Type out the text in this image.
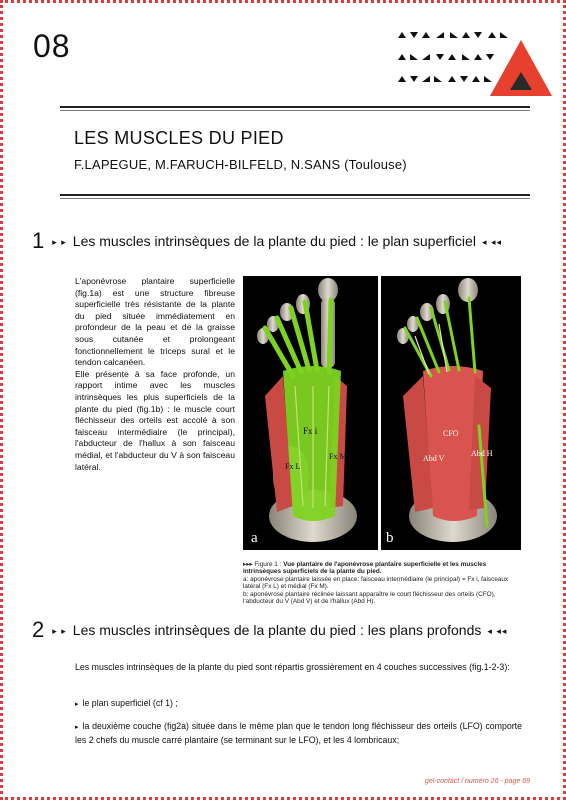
08
LES MUSCLES DU PIED
F.LAPEGUE, M.FARUCH-BILFELD, N.SANS (Toulouse)
1 ▸ ▸ Les muscles intrinsèques de la plante du pied : le plan superficiel ◂ ◂◂

L'aponévrose plantaire superficielle (fig.1a) est une structure fibreuse superficielle très résistante de la plante du pied située immédiatement en profondeur de la peau et de la graisse sous cutanée et prolongeant fonctionnellement le triceps sural et le tendon calcanéen.

Elle présente à sa face profonde, un rapport intime avec les muscles intrinsèques les plus superficiels de la plante du pied (fig.1b) : le muscle court fléchisseur des orteils est accolé à son faisceau intermédiaire (le principal), l'abducteur de l'hallux à son faisceau médial, et l'abducteur du V à son faisceau latéral.

Fx i
Fx L
Fx M
a
CFO
Abd V
Abd H
b
▸▸▸ Figure 1 : Vue plantaire de l'aponévrose plantaire superficielle et les muscles intrinsèques superficiels de la plante du pied.
a: aponévrose plantaire laissée en place: faisceau intermédiaire (le principal) = Fx i, faisceaux latéral (Fx L) et médial (Fx M).
b: aponévrose plantaire réclinée laissant apparaître le court fléchisseur des orteils (CFO), l'abducteur du V (Abd V) et de l'hallux (Abd H).
2 ▸ ▸ Les muscles intrinsèques de la plante du pied : les plans profonds ◂ ◂◂
Les muscles intrinsèques de la plante du pied sont répartis grossièrement en 4 couches successives (fig.1-2-3):
▸ le plan superficiel (cf 1) ;
▸ la deuxième couche (fig2a) située dans le même plan que le tendon long fléchisseur des orteils (LFO) comporte les 2 chefs du muscle carré plantaire (se terminant sur le LFO), et les 4 lombricaux;
gel-contact / numéro 26 - page 69
